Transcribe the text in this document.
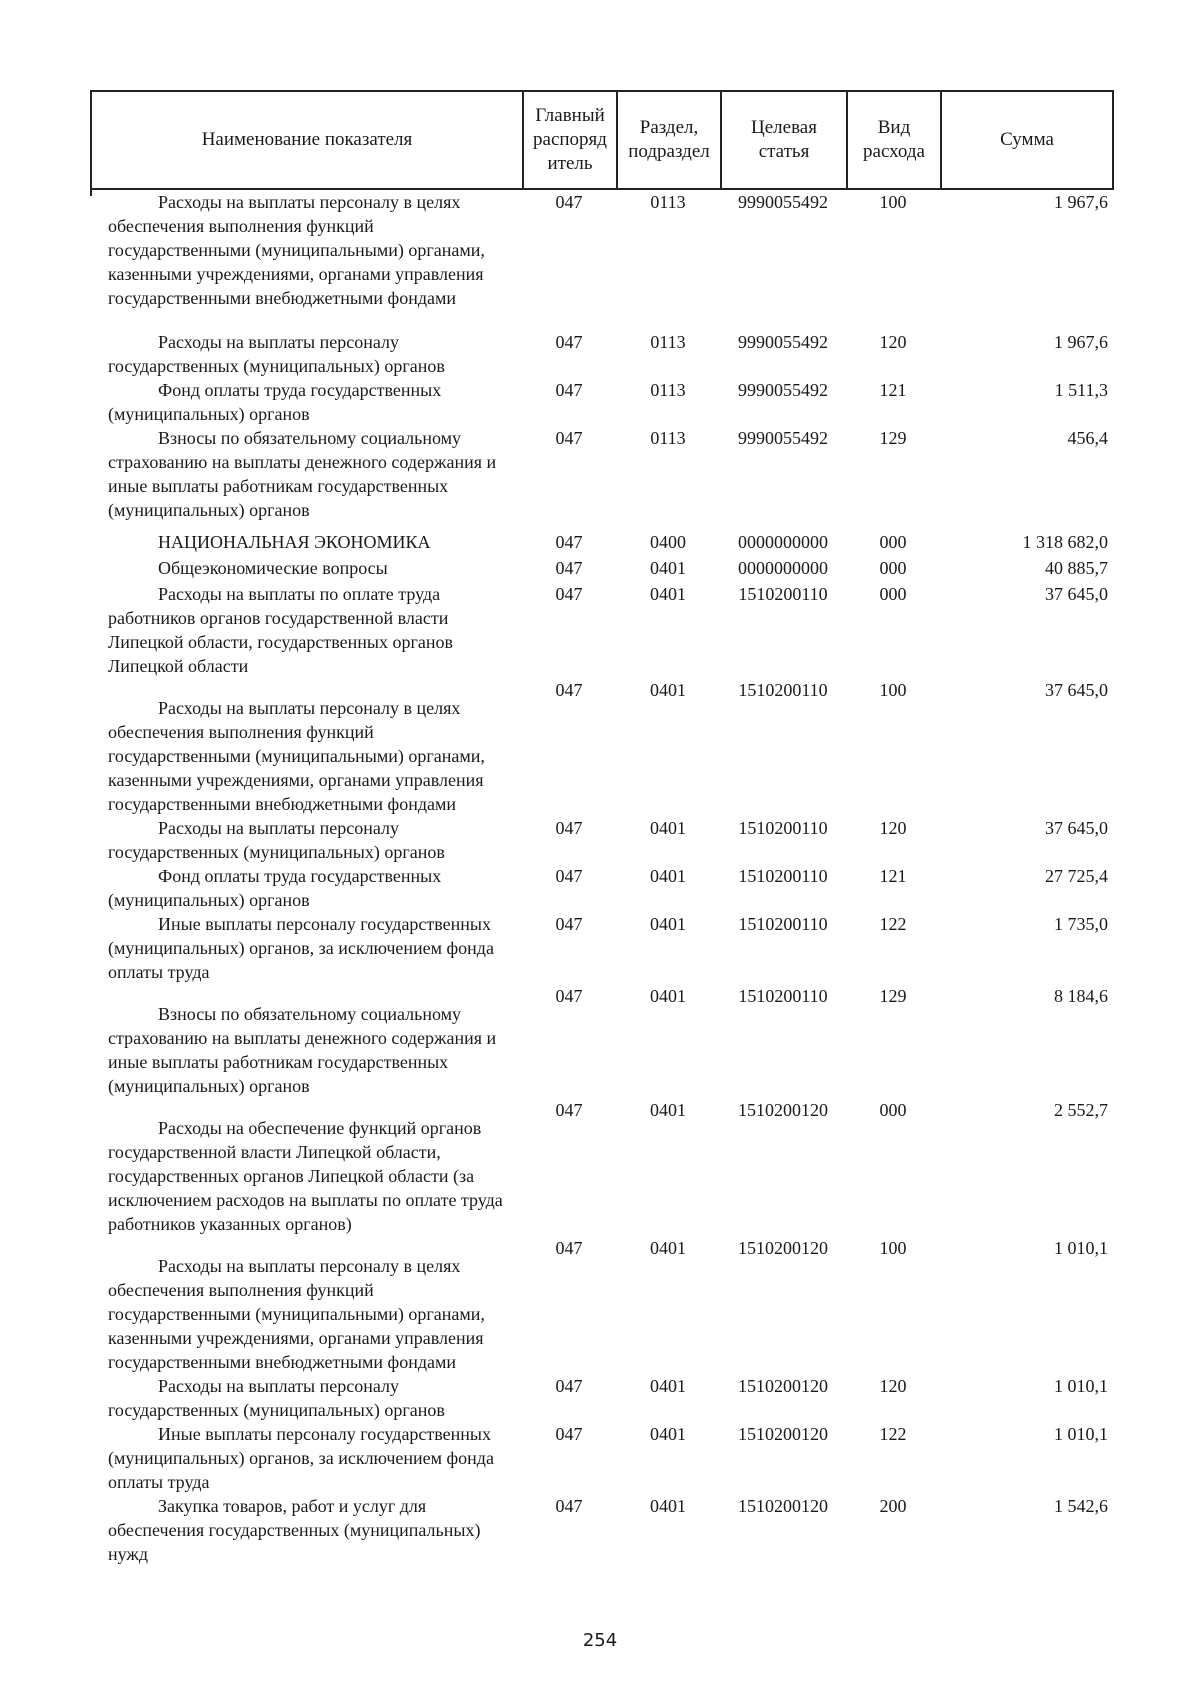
Наименование показателя	Главный распоряд итель	Раздел, подраздел	Целевая статья	Вид расхода	Сумма
Расходы на выплаты персоналу в целях обеспечения выполнения функций государственными (муниципальными) органами, казенными учреждениями, органами управления государственными внебюджетными фондами	047	0113	9990055492	100	1 967,6

Расходы на выплаты персоналу государственных (муниципальных) органов	047	0113	9990055492	120	1 967,6

Фонд оплаты труда государственных (муниципальных) органов	047	0113	9990055492	121	1 511,3

Взносы по обязательному социальному страхованию на выплаты денежного содержания и иные выплаты работникам государственных (муниципальных) органов	047	0113	9990055492	129	456,4

НАЦИОНАЛЬНАЯ ЭКОНОМИКА	047	0400	0000000000	000	1 318 682,0

Общеэкономические вопросы	047	0401	0000000000	000	40 885,7

Расходы на выплаты по оплате труда работников органов государственной власти Липецкой области, государственных органов Липецкой области	047	0401	1510200110	000	37 645,0

Расходы на выплаты персоналу в целях обеспечения выполнения функций государственными (муниципальными) органами, казенными учреждениями, органами управления государственными внебюджетными фондами	047	0401	1510200110	100	37 645,0

Расходы на выплаты персоналу государственных (муниципальных) органов	047	0401	1510200110	120	37 645,0

Фонд оплаты труда государственных (муниципальных) органов	047	0401	1510200110	121	27 725,4

Иные выплаты персоналу государственных (муниципальных) органов, за исключением фонда оплаты труда	047	0401	1510200110	122	1 735,0

Взносы по обязательному социальному страхованию на выплаты денежного содержания и иные выплаты работникам государственных (муниципальных) органов	047	0401	1510200110	129	8 184,6

Расходы на обеспечение функций органов государственной власти Липецкой области, государственных органов Липецкой области (за исключением расходов на выплаты по оплате труда работников указанных органов)	047	0401	1510200120	000	2 552,7

Расходы на выплаты персоналу в целях обеспечения выполнения функций государственными (муниципальными) органами, казенными учреждениями, органами управления государственными внебюджетными фондами	047	0401	1510200120	100	1 010,1

Расходы на выплаты персоналу государственных (муниципальных) органов	047	0401	1510200120	120	1 010,1

Иные выплаты персоналу государственных (муниципальных) органов, за исключением фонда оплаты труда	047	0401	1510200120	122	1 010,1

Закупка товаров, работ и услуг для обеспечения государственных (муниципальных) нужд	047	0401	1510200120	200	1 542,6
254
